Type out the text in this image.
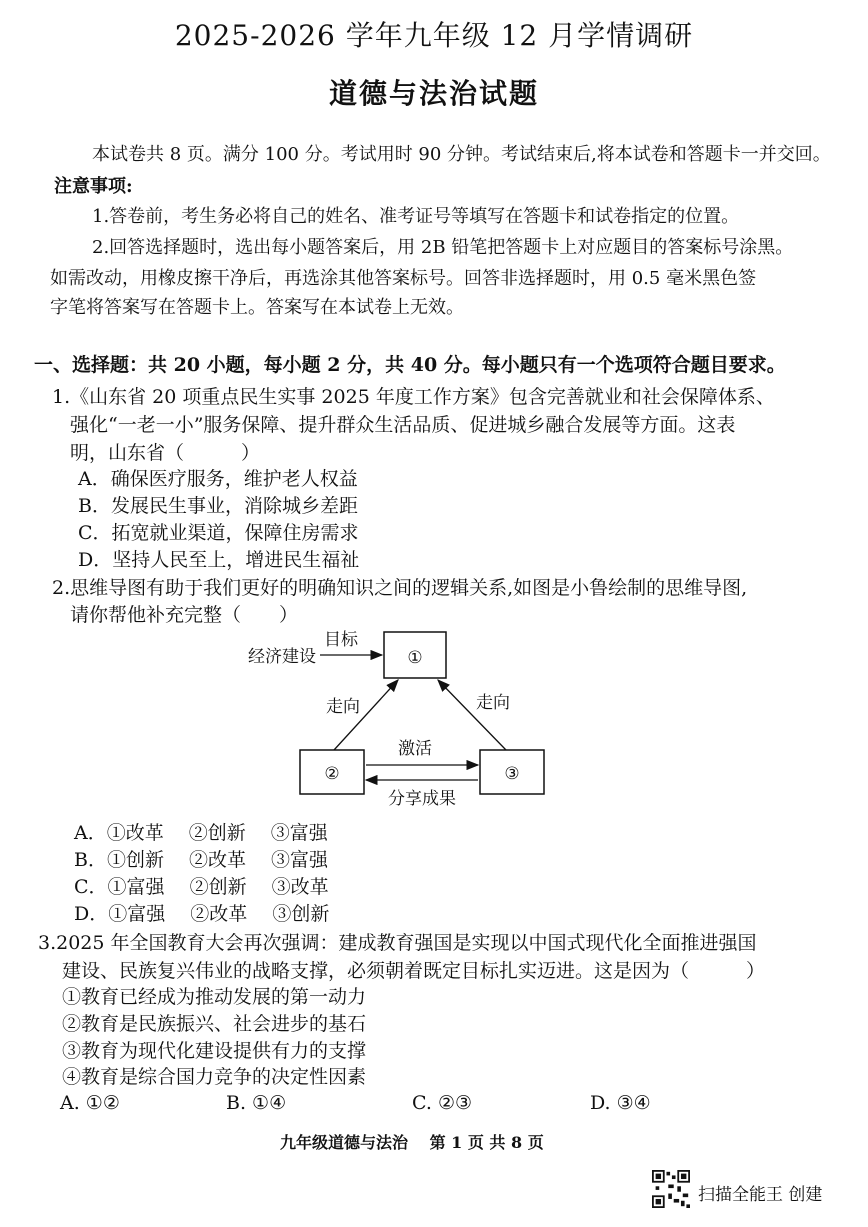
2025-2026 学年九年级 12 月学情调研
道德与法治试题
本试卷共 8 页。满分 100 分。考试用时 90 分钟。考试结束后,将本试卷和答题卡一并交回。
注意事项:
1.答卷前，考生务必将自己的姓名、准考证号等填写在答题卡和试卷指定的位置。
2.回答选择题时，选出每小题答案后，用 2B 铅笔把答题卡上对应题目的答案标号涂黑。
如需改动，用橡皮擦干净后，再选涂其他答案标号。回答非选择题时，用 0.5 毫米黑色签
字笔将答案写在答题卡上。答案写在本试卷上无效。
一、选择题：共 20 小题，每小题 2 分，共 40 分。每小题只有一个选项符合题目要求。
1.《山东省 20 项重点民生实事 2025 年度工作方案》包含完善就业和社会保障体系、
强化“一老一小”服务保障、提升群众生活品质、促进城乡融合发展等方面。这表
明，山东省（　　　）
A．确保医疗服务，维护老人权益
B．发展民生事业，消除城乡差距
C．拓宽就业渠道，保障住房需求
D．坚持人民至上，增进民生福祉
2.思维导图有助于我们更好的明确知识之间的逻辑关系,如图是小鲁绘制的思维导图,
请你帮他补充完整（　　）
①
②	③
经济建设
目标
走向	走向
激活
分享成果
A．①改革　 ②创新　 ③富强
B．①创新　 ②改革　 ③富强
C．①富强　 ②创新　 ③改革
D．①富强　 ②改革　 ③创新
3.2025 年全国教育大会再次强调：建成教育强国是实现以中国式现代化全面推进强国
建设、民族复兴伟业的战略支撑，必须朝着既定目标扎实迈进。这是因为（　　　）
①教育已经成为推动发展的第一动力
②教育是民族振兴、社会进步的基石
③教育为现代化建设提供有力的支撑
④教育是综合国力竞争的决定性因素
A. ①②	B. ①④	C. ②③	D. ③④
九年级道德与法治　 第 1 页 共 8 页
扫描全能王 创建
